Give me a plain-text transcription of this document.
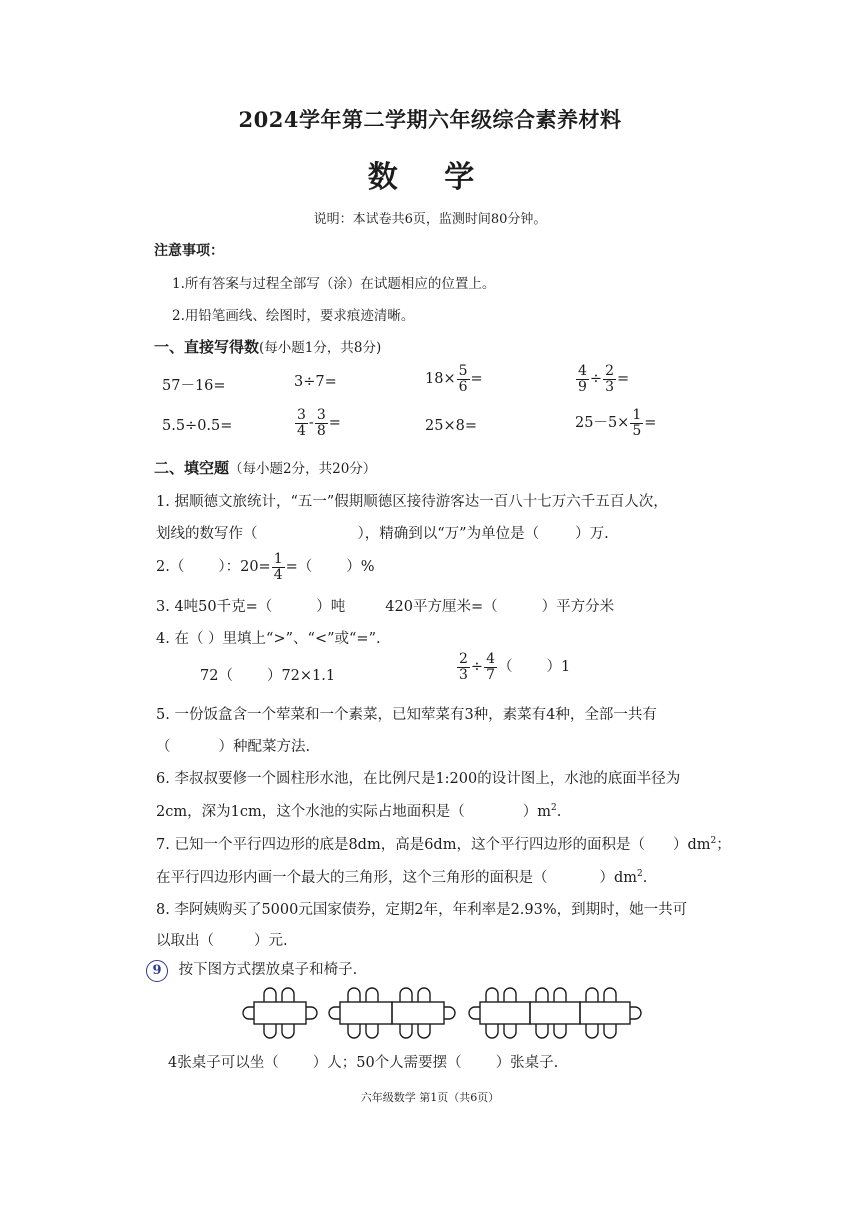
2024学年第二学期六年级综合素养材料
数 学
说明：本试卷共6页，监测时间80分钟。
注意事项：
1.所有答案与过程全部写（涂）在试题相应的位置上。
2.用铅笔画线、绘图时，要求痕迹清晰。
一、直接写得数(每小题1分，共8分)
57－16=	3÷7=	$18\times \frac{5}{6}$ =	$\frac{4}{9} \div \frac{2}{3}$ =
5.5÷0.5=	$\frac{3}{4} - \frac{3}{8}$ =	25×8=	$25-5\times \frac{1}{5}$ =
二、填空题（每小题2分，共20分）
1. 据顺德文旅统计，“五一”假期顺德区接待游客达一百八十七万六千五百人次，
划线的数写作（	），精确到以“万”为单位是（ ）万.
2.（ ）：$20= \frac{1}{4}$ =（ ）%
3. 4吨50千克=（	）吨	420平方厘米=（	）平方分米
4. 在（ ）里填上“>”、“<”或“=”.
72（ ）72×1.1	$\frac{2}{3} \div \frac{4}{7}$ （ ）1
5. 一份饭盒含一个荤菜和一个素菜，已知荤菜有3种，素菜有4种，全部一共有
（	）种配菜方法.
6. 李叔叔要修一个圆柱形水池，在比例尺是1:200的设计图上，水池的底面半径为
2cm，深为1cm，这个水池的实际占地面积是（	）$m^2$.
7. 已知一个平行四边形的底是8dm，高是6dm，这个平行四边形的面积是（ ）$dm^2$；
在平行四边形内画一个最大的三角形，这个三角形的面积是（	）$dm^2$.
8. 李阿姨购买了5000元国家债券，定期2年，年利率是2.93%，到期时，她一共可
以取出（	）元.
9 按下图方式摆放桌子和椅子.
4张桌子可以坐（ ）人；50个人需要摆（ ）张桌子.
六年级数学 第1页（共6页）
